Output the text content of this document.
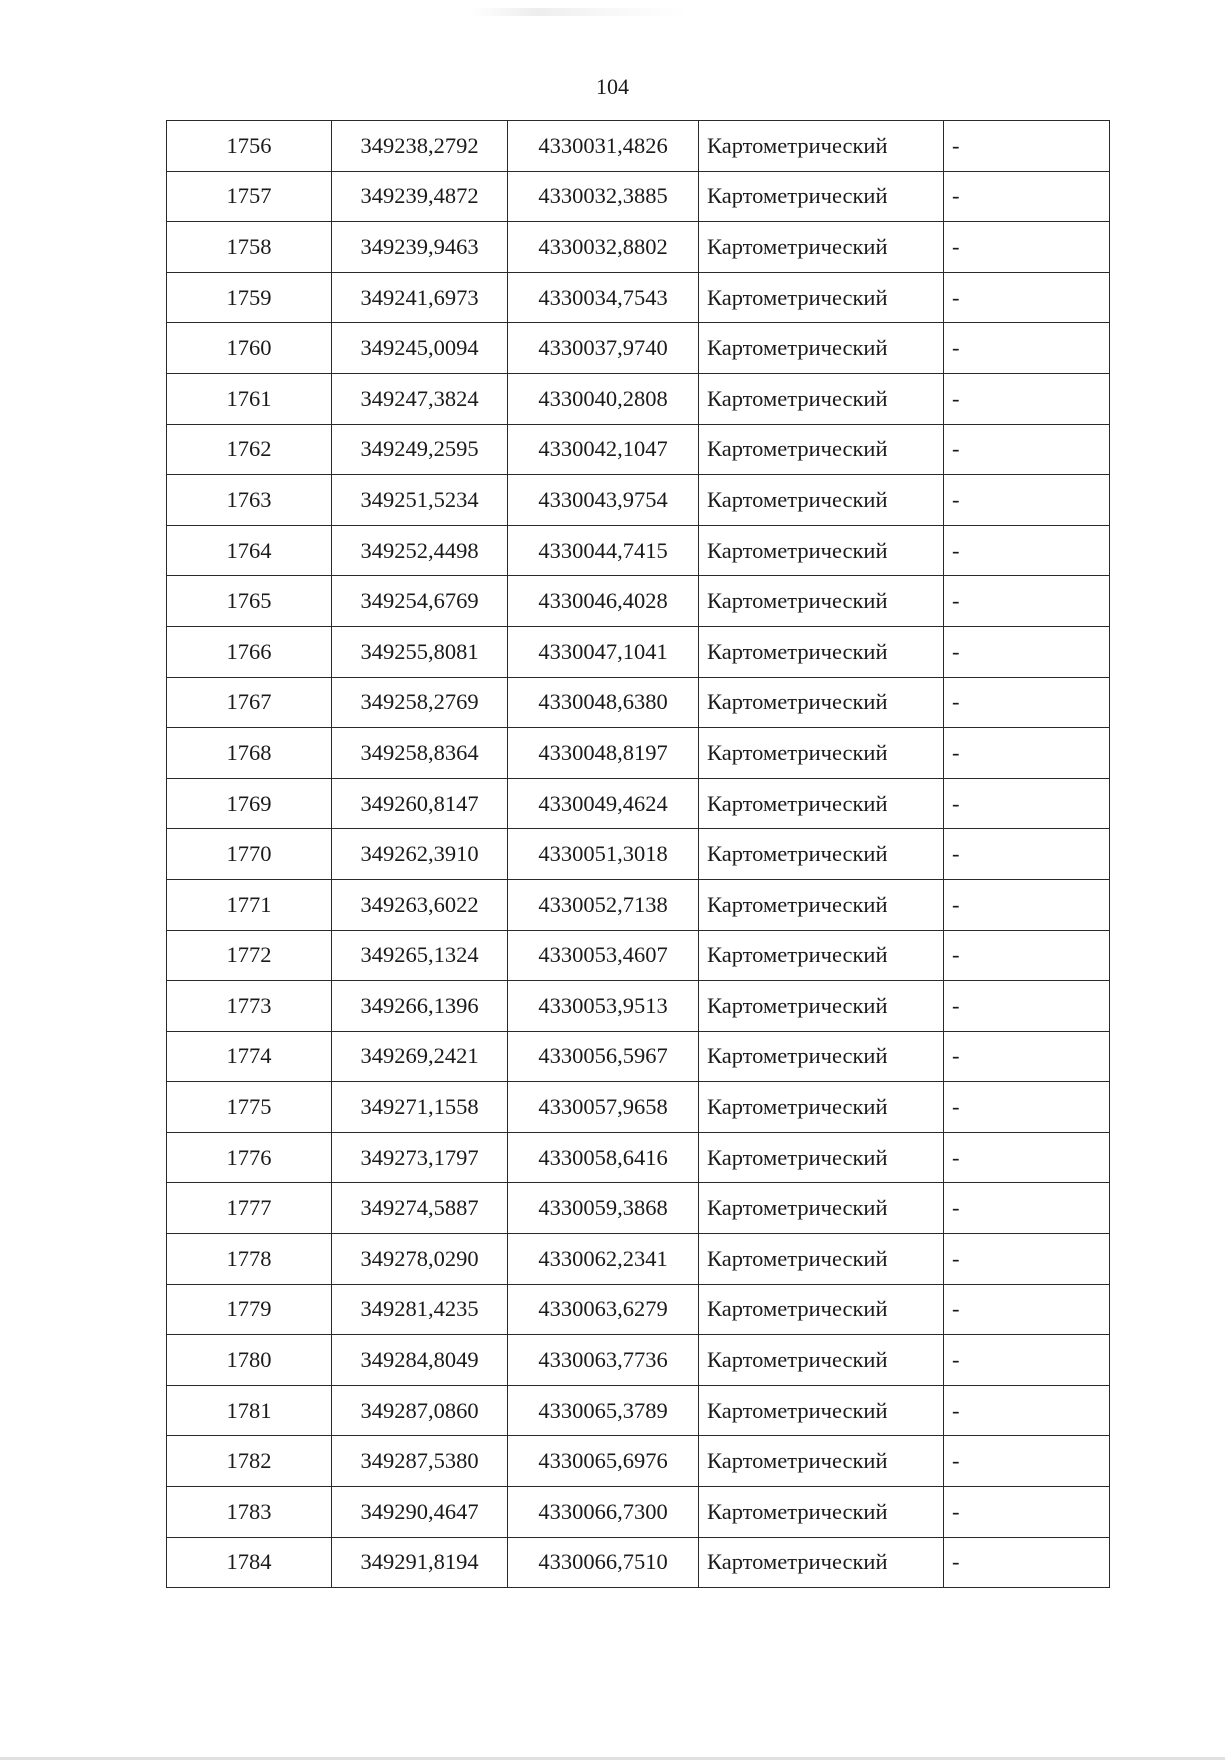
104
1756	349238,2792	4330031,4826	Картометрический	-
1757	349239,4872	4330032,3885	Картометрический	-
1758	349239,9463	4330032,8802	Картометрический	-
1759	349241,6973	4330034,7543	Картометрический	-
1760	349245,0094	4330037,9740	Картометрический	-
1761	349247,3824	4330040,2808	Картометрический	-
1762	349249,2595	4330042,1047	Картометрический	-
1763	349251,5234	4330043,9754	Картометрический	-
1764	349252,4498	4330044,7415	Картометрический	-
1765	349254,6769	4330046,4028	Картометрический	-
1766	349255,8081	4330047,1041	Картометрический	-
1767	349258,2769	4330048,6380	Картометрический	-
1768	349258,8364	4330048,8197	Картометрический	-
1769	349260,8147	4330049,4624	Картометрический	-
1770	349262,3910	4330051,3018	Картометрический	-
1771	349263,6022	4330052,7138	Картометрический	-
1772	349265,1324	4330053,4607	Картометрический	-
1773	349266,1396	4330053,9513	Картометрический	-
1774	349269,2421	4330056,5967	Картометрический	-
1775	349271,1558	4330057,9658	Картометрический	-
1776	349273,1797	4330058,6416	Картометрический	-
1777	349274,5887	4330059,3868	Картометрический	-
1778	349278,0290	4330062,2341	Картометрический	-
1779	349281,4235	4330063,6279	Картометрический	-
1780	349284,8049	4330063,7736	Картометрический	-
1781	349287,0860	4330065,3789	Картометрический	-
1782	349287,5380	4330065,6976	Картометрический	-
1783	349290,4647	4330066,7300	Картометрический	-
1784	349291,8194	4330066,7510	Картометрический	-
